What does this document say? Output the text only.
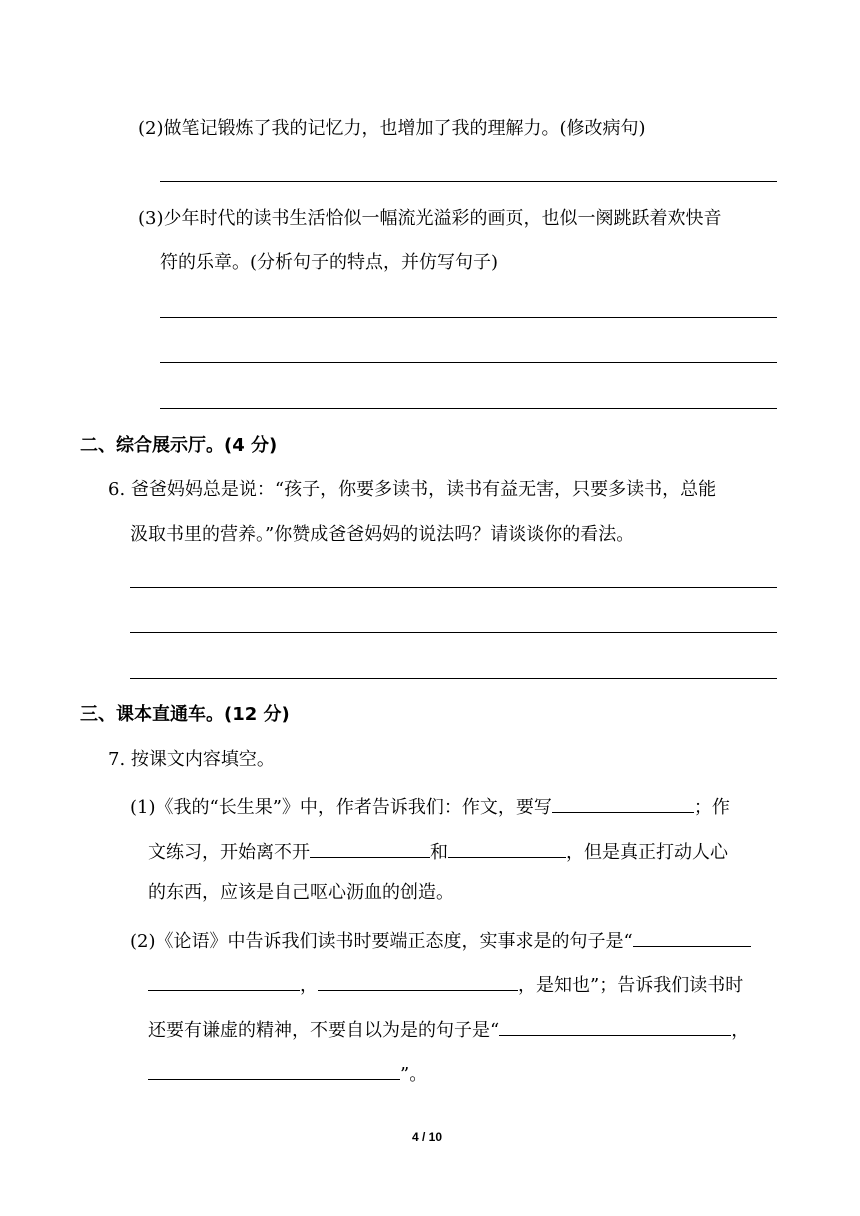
(2)做笔记锻炼了我的记忆力，也增加了我的理解力。(修改病句)
(3)少年时代的读书生活恰似一幅流光溢彩的画页，也似一阕跳跃着欢快音
符的乐章。(分析句子的特点，并仿写句子)
二、综合展示厅。(4 分)
6. 爸爸妈妈总是说：“孩子，你要多读书，读书有益无害，只要多读书，总能
汲取书里的营养。”你赞成爸爸妈妈的说法吗？请谈谈你的看法。
三、课本直通车。(12 分)
7. 按课文内容填空。
(1)《我的“长生果”》中，作者告诉我们：作文，要写	；作
文练习，开始离不开	和	，但是真正打动人心
的东西，应该是自己呕心沥血的创造。
(2)《论语》中告诉我们读书时要端正态度，实事求是的句子是“
，	，是知也”；告诉我们读书时
还要有谦虚的精神，不要自以为是的句子是“	，
”。
4 / 10
